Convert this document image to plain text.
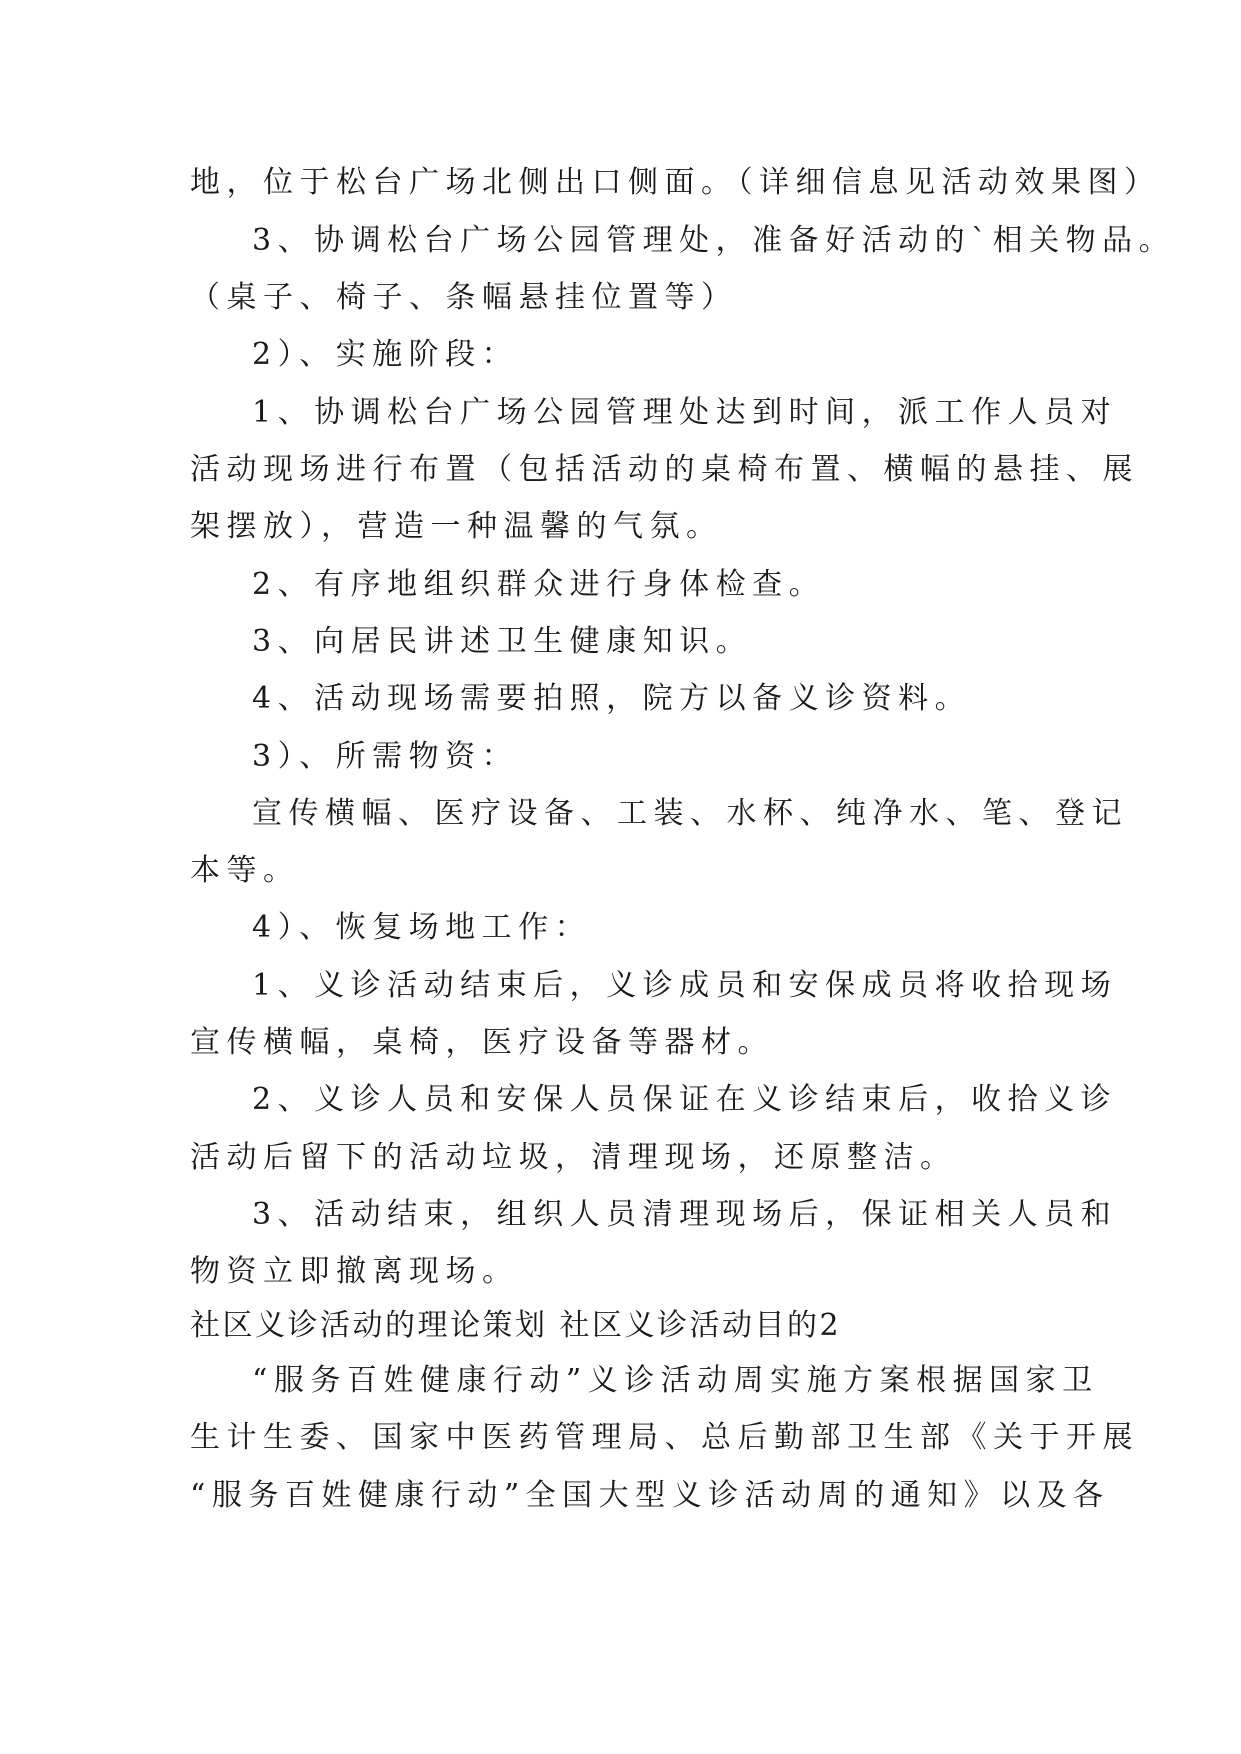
地，位于松台广场北侧出口侧面。（详细信息见活动效果图）
3、协调松台广场公园管理处，准备好活动的`相关物品。
（桌子、椅子、条幅悬挂位置等）
2）、实施阶段：
1、协调松台广场公园管理处达到时间，派工作人员对
活动现场进行布置（包括活动的桌椅布置、横幅的悬挂、展
架摆放），营造一种温馨的气氛。
2、有序地组织群众进行身体检查。
3、向居民讲述卫生健康知识。
4、活动现场需要拍照，院方以备义诊资料。
3）、所需物资：
宣传横幅、医疗设备、工装、水杯、纯净水、笔、登记
本等。
4）、恢复场地工作：
1、义诊活动结束后，义诊成员和安保成员将收拾现场
宣传横幅，桌椅，医疗设备等器材。
2、义诊人员和安保人员保证在义诊结束后，收拾义诊
活动后留下的活动垃圾，清理现场，还原整洁。
3、活动结束，组织人员清理现场后，保证相关人员和
物资立即撤离现场。
社区义诊活动的理论策划 社区义诊活动目的2
“服务百姓健康行动”义诊活动周实施方案根据国家卫
生计生委、国家中医药管理局、总后勤部卫生部《关于开展
“服务百姓健康行动”全国大型义诊活动周的通知》以及各
